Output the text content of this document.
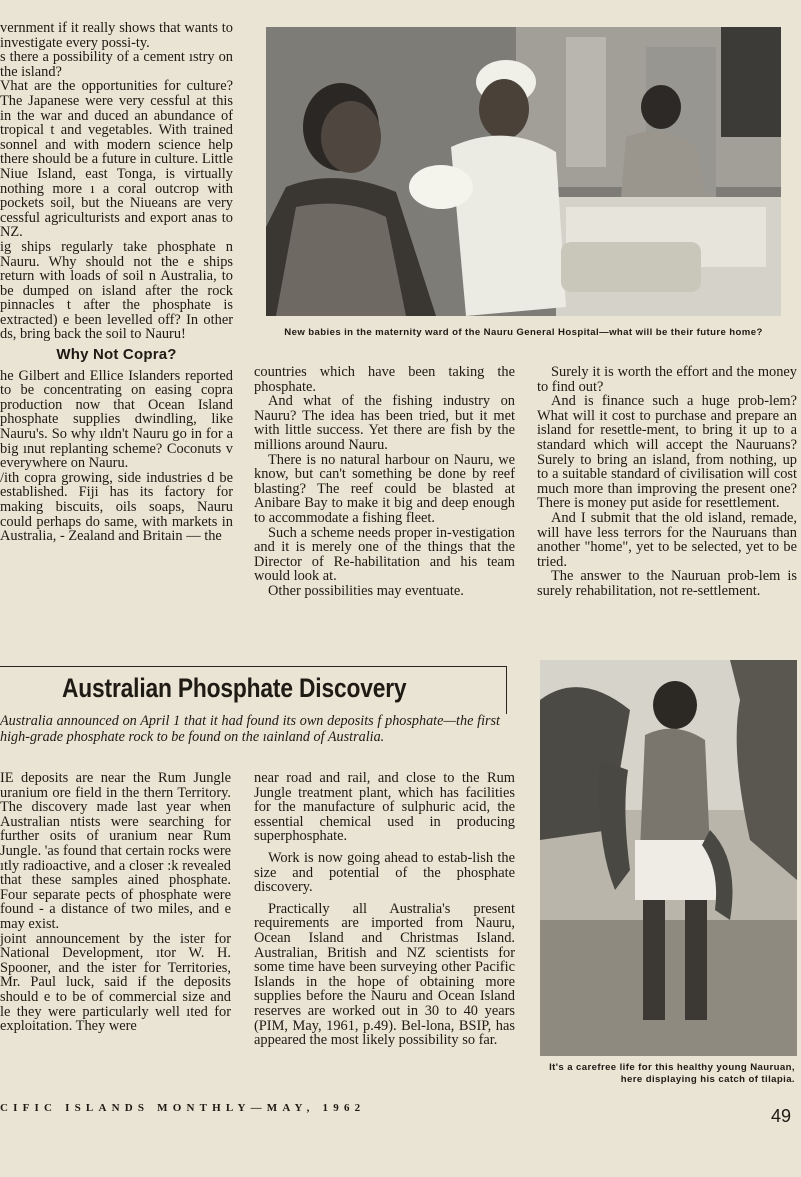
vernment if it really shows that wants to investigate every possi-ty.

s there a possibility of a cement ıstry on the island?

Vhat are the opportunities for culture? The Japanese were very cessful at this in the war and duced an abundance of tropical t and vegetables. With trained sonnel and with modern science help there should be a future in culture. Little Niue Island, east Tonga, is virtually nothing more ı a coral outcrop with pockets soil, but the Niueans are very cessful agriculturists and export anas to NZ.

ig ships regularly take phosphate n Nauru. Why should not the e ships return with loads of soil n Australia, to be dumped on island after the rock pinnacles t after the phosphate is extracted) e been levelled off? In other ds, bring back the soil to Nauru!

Why Not Copra?

he Gilbert and Ellice Islanders reported to be concentrating on easing copra production now that Ocean Island phosphate supplies dwindling, like Nauru's. So why ıldn't Nauru go in for a big ınut replanting scheme? Coconuts v everywhere on Nauru.

/ith copra growing, side industries d be established. Fiji has its factory for making biscuits, oils soaps, Nauru could perhaps do same, with markets in Australia, ‑ Zealand and Britain — the

New babies in the maternity ward of the Nauru General Hospital—what will be their future home?

countries which have been taking the phosphate.

And what of the fishing industry on Nauru? The idea has been tried, but it met with little success. Yet there are fish by the millions around Nauru.

There is no natural harbour on Nauru, we know, but can't something be done by reef blasting? The reef could be blasted at Anibare Bay to make it big and deep enough to accommodate a fishing fleet.

Such a scheme needs proper in-vestigation and it is merely one of the things that the Director of Re-habilitation and his team would look at.

Other possibilities may eventuate.

Surely it is worth the effort and the money to find out?

And is finance such a huge prob-lem? What will it cost to purchase and prepare an island for resettle-ment, to bring it up to a standard which will accept the Nauruans? Surely to bring an island, from nothing, up to a suitable standard of civilisation will cost much more than improving the present one? There is money put aside for resettlement.

And I submit that the old island, remade, will have less terrors for the Nauruans than another "home", yet to be selected, yet to be tried.

The answer to the Nauruan prob-lem is surely rehabilitation, not re-settlement.

Australian Phosphate Discovery
Australia announced on April 1 that it had found its own deposits f phosphate—the first high-grade phosphate rock to be found on the ıainland of Australia.

IE deposits are near the Rum Jungle uranium ore field in the thern Territory. The discovery made last year when Australian ntists were searching for further osits of uranium near Rum Jungle. 'as found that certain rocks were ıtly radioactive, and a closer :k revealed that these samples ained phosphate. Four separate pects of phosphate were found ‑ a distance of two miles, and e may exist.

joint announcement by the ister for National Development, ıtor W. H. Spooner, and the ister for Territories, Mr. Paul luck, said if the deposits should e to be of commercial size and le they were particularly well ıted for exploitation. They were

near road and rail, and close to the Rum Jungle treatment plant, which has facilities for the manufacture of sulphuric acid, the essential chemical used in producing superphosphate.

Work is now going ahead to estab-lish the size and potential of the phosphate discovery.

Practically all Australia's present requirements are imported from Nauru, Ocean Island and Christmas Island. Australian, British and NZ scientists for some time have been surveying other Pacific Islands in the hope of obtaining more supplies before the Nauru and Ocean Island reserves are worked out in 30 to 40 years (PIM, May, 1961, p.49). Bel-lona, BSIP, has appeared the most likely possibility so far.

It's a carefree life for this healthy young Nauruan, here displaying his catch of tilapia.
CIFIC ISLANDS MONTHLY—MAY, 1962	49
